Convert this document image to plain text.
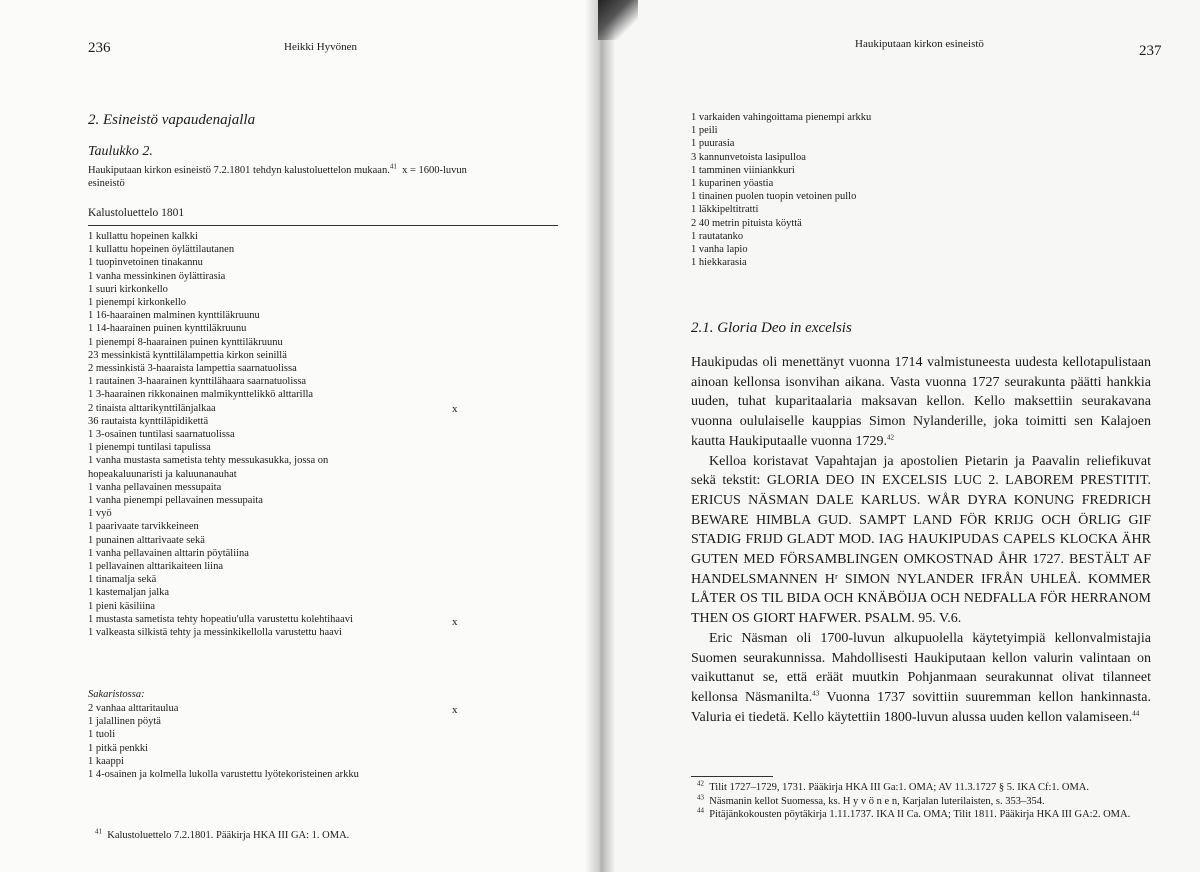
236	Heikki Hyvönen
2. Esineistö vapaudenajalla
Taulukko 2.
Haukiputaan kirkon esineistö 7.2.1801 tehdyn kalustoluettelon mukaan.$^{41}$ x = 1600-luvun
esineistö
Kalustoluettelo 1801
1 kullattu hopeinen kalkki
1 kullattu hopeinen öylättilautanen
1 tuopinvetoinen tinakannu
1 vanha messinkinen öylättirasia
1 suuri kirkonkello
1 pienempi kirkonkello
1 16-haarainen malminen kynttiläkruunu
1 14-haarainen puinen kynttiläkruunu
1 pienempi 8-haarainen puinen kynttiläkruunu
23 messinkistä kynttilälampettia kirkon seinillä
2 messinkistä 3-haaraista lampettia saarnatuolissa
1 rautainen 3-haarainen kynttilähaara saarnatuolissa
1 3-haarainen rikkonainen malmikynttelikkö alttarilla
2 tinaista alttarikynttilänjalkaa
36 rautaista kynttiläpidikettä
1 3-osainen tuntilasi saarnatuolissa
1 pienempi tuntilasi tapulissa
1 vanha mustasta sametista tehty messukasukka, jossa on
hopeakaluunaristi ja kaluunanauhat
1 vanha pellavainen messupaita
1 vanha pienempi pellavainen messupaita
1 vyö
1 paarivaate tarvikkeineen
1 punainen alttarivaate sekä
1 vanha pellavainen alttarin pöytäliina
1 pellavainen alttarikaiteen liina
1 tinamalja sekä
1 kastemaljan jalka
1 pieni käsiliina
1 mustasta sametista tehty hopeatiu'ulla varustettu kolehtihaavi
1 valkeasta silkistä tehty ja messinkikellolla varustettu haavi
x
x
x
Sakaristossa:
2 vanhaa alttaritaulua
1 jalallinen pöytä
1 tuoli
1 pitkä penkki
1 kaappi
1 4-osainen ja kolmella lukolla varustettu lyötekoristeinen arkku
$^{41}$ Kalustoluettelo 7.2.1801. Pääkirja HKA III GA: 1. OMA.
Haukiputaan kirkon esineistö	237
1 varkaiden vahingoittama pienempi arkku
1 peili
1 puurasia
3 kannunvetoista lasipulloa
1 tamminen viiniankkuri
1 kuparinen yöastia
1 tinainen puolen tuopin vetoinen pullo
1 läkkipeltitratti
2 40 metrin pituista köyttä
1 rautatanko
1 vanha lapio
1 hiekkarasia
2.1. Gloria Deo in excelsis

Haukipudas oli menettänyt vuonna 1714 valmistuneesta uudesta kellotapulistaan ainoan kellonsa isonvihan aikana. Vasta vuonna 1727 seurakunta päätti hankkia uuden, tuhat kuparitaalaria maksavan kellon. Kello maksettiin seurakavana vuonna oululaiselle kauppias Simon Nylanderille, joka toimitti sen Kalajoen kautta Haukiputaalle vuonna 1729.42

Kelloa koristavat Vapahtajan ja apostolien Pietarin ja Paavalin reliefikuvat sekä tekstit: GLORIA DEO IN EXCELSIS LUC 2. LABOREM PRESTITIT. ERICUS NÄSMAN DALE KARLUS. WÅR DYRA KONUNG FREDRICH BEWARE HIMBLA GUD. SAMPT LAND FÖR KRIJG OCH ÖRLIG GIF STADIG FRIJD GLADT MOD. IAG HAUKIPUDAS CAPELS KLOCKA ÄHR GUTEN MED FÖRSAMBLINGEN OMKOSTNAD ÅHR 1727. BESTÄLT AF HANDELSMANNEN Hʳ SIMON NYLANDER IFRÅN UHLEÅ. KOMMER LÅTER OS TIL BIDA OCH KNÄBÖIJA OCH NEDFALLA FÖR HERRANOM THEN OS GIORT HAFWER. PSALM. 95. V.6.

Eric Näsman oli 1700-luvun alkupuolella käytetyimpiä kellonvalmistajia Suomen seurakunnissa. Mahdollisesti Haukiputaan kellon valurin valintaan on vaikuttanut se, että eräät muutkin Pohjanmaan seurakunnat olivat tilanneet kellonsa Näsmanilta.$^{43}$ Vuonna 1737 sovittiin suuremman kellon hankinnasta. Valuria ei tiedetä. Kello käytettiin 1800-luvun alussa uuden kellon valamiseen.$^{44}$

$^{42}$  Tilit 1727–1729, 1731. Pääkirja HKA III Ga:1. OMA; AV 11.3.1727 § 5. IKA Cf:1. OMA.
$^{43}$  Näsmanin kellot Suomessa, ks. H y v ö n e n, Karjalan luterilaisten, s. 353–354.
$^{44}$  Pitäjänkokousten pöytäkirja 1.11.1737. IKA II Ca. OMA; Tilit 1811. Pääkirja HKA III GA:2. OMA.
